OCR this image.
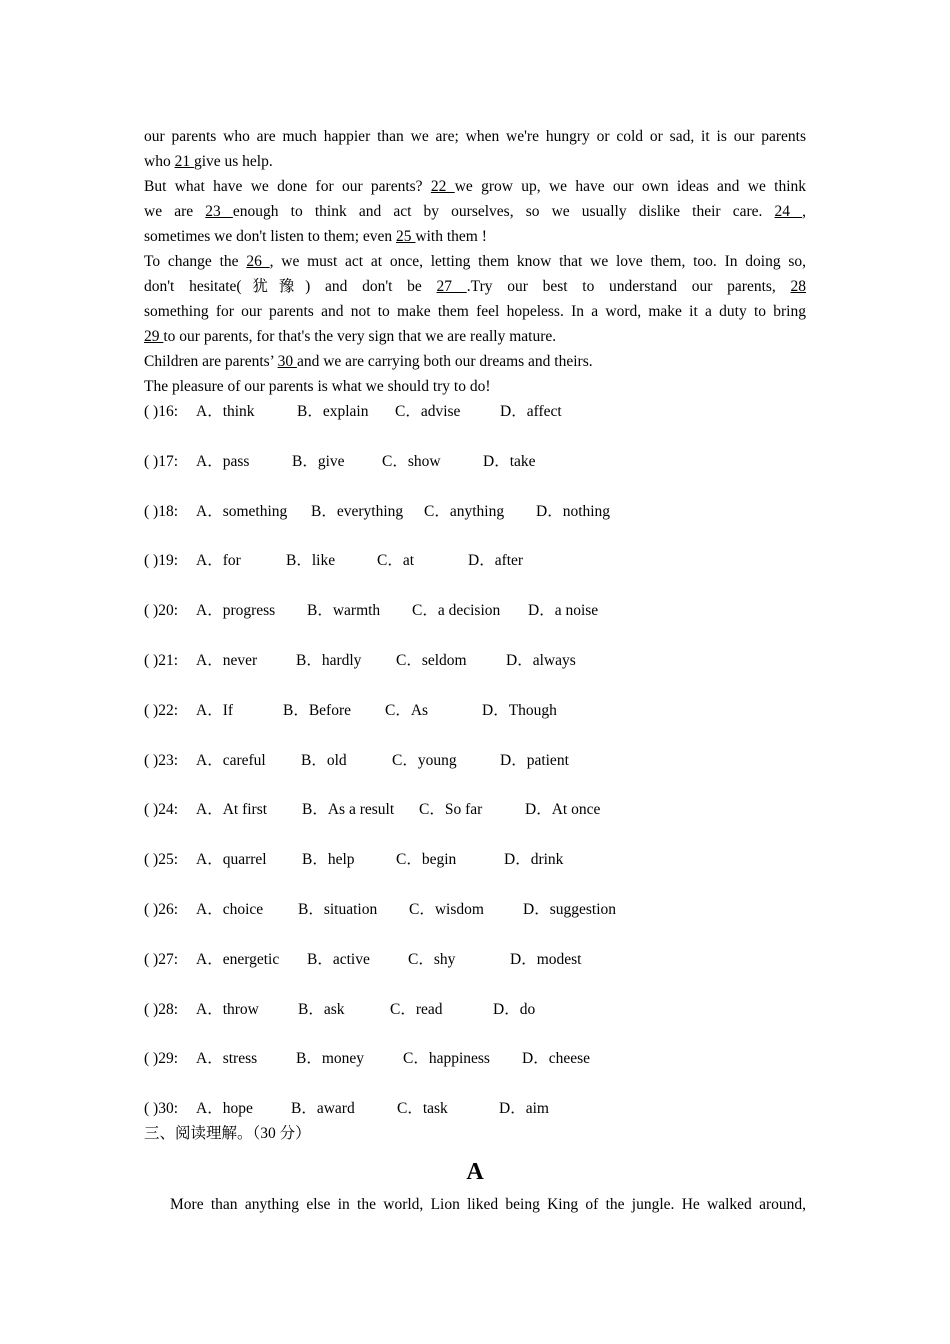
our parents who are much happier than we are; when we're hungry or cold or sad, it is our parents
who 21 give us help.
But what have we done for our parents? 22 we grow up, we have our own ideas and we think
we are 23 enough to think and act by ourselves, so we usually dislike their care. 24 ,
sometimes we don't listen to them; even 25 with them !
To change the 26 , we must act at once, letting them know that we love them, too. In doing so,
don't hesitate(犹豫) and don't be 27 .Try our best to understand our parents, 28
something for our parents and not to make them feel hopeless. In a word, make it a duty to bring
29 to our parents, for that's the very sign that we are really mature.
Children are parents’ 30 and we are carrying both our dreams and theirs.
The pleasure of our parents is what we should try to do!
( )16: A．think	B．explain C．advise	D．affect
( )17: A．pass	B．give C．show	D．take
( )18: A．something B．everything C．anything D．nothing
( )19: A．for	B．like	C．at	D．after
( )20: A．progress B．warmth C．a decision D．a noise
( )21: A．never	B．hardly C．seldom	D．always
( )22: A．If	B．Before C．As	D．Though
( )23: A．careful B．old	C．young	D．patient
( )24: A．At first B．As a result C．So far	D．At once
( )25: A．quarrel B．help	C．begin	D．drink
( )26: A．choice B．situation C．wisdom	D．suggestion
( )27: A．energetic B．active C．shy	D．modest
( )28: A．throw	B．ask	C．read	D．do
( )29: A．stress	B．money	C．happiness D．cheese
( )30: A．hope B．award	C．task	D．aim
三、阅读理解。（30 分）
A
More than anything else in the world, Lion liked being King of the jungle. He walked around,
